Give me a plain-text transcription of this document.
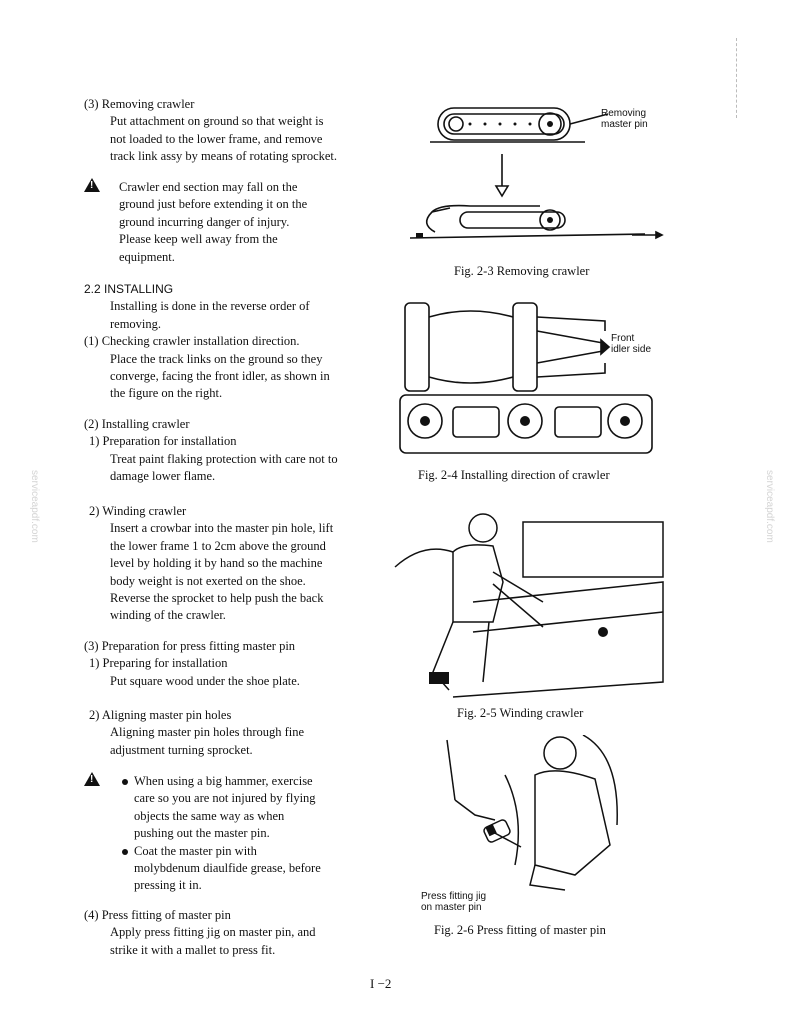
(3) Removing crawler
Put attachment on ground so that weight is
not loaded to the lower frame, and remove
track link assy by means of rotating sprocket.
!
Crawler end section may fall on the
ground just before extending it on the
ground incurring danger of injury.
Please keep well away from the
equipment.
2.2 INSTALLING
Installing is done in the reverse order of
removing.
(1) Checking crawler installation direction.
Place the track links on the ground so they
converge, facing the front idler, as shown in
the figure on the right.
(2) Installing crawler
1) Preparation for installation
Treat paint flaking protection with care not to
damage lower flame.
2) Winding crawler
Insert a crowbar into the master pin hole, lift
the lower frame 1 to 2cm above the ground
level by holding it by hand so the machine
body weight is not exerted on the shoe.
Reverse the sprocket to help push the back
winding of the crawler.
(3) Preparation for press fitting master pin
1) Preparing for installation
Put square wood under the shoe plate.
2) Aligning master pin holes
Aligning master pin holes through fine
adjustment turning sprocket.
!
When using a big hammer, exercise
care so you are not injured by flying
objects the same way as when
pushing out the master pin.
Coat the master pin with
molybdenum diaulfide grease, before
pressing it in.
(4) Press fitting of master pin
Apply press fitting jig on master pin, and
strike it with a mallet to press fit.
Removing
master pin
Fig. 2-3 Removing crawler
Front
idler side
Fig. 2-4 Installing direction of crawler
Fig. 2-5 Winding crawler
Press fitting jig
on master pin
Fig. 2-6 Press fitting of master pin
serviceapdf.com	serviceapdf.com
I −2
